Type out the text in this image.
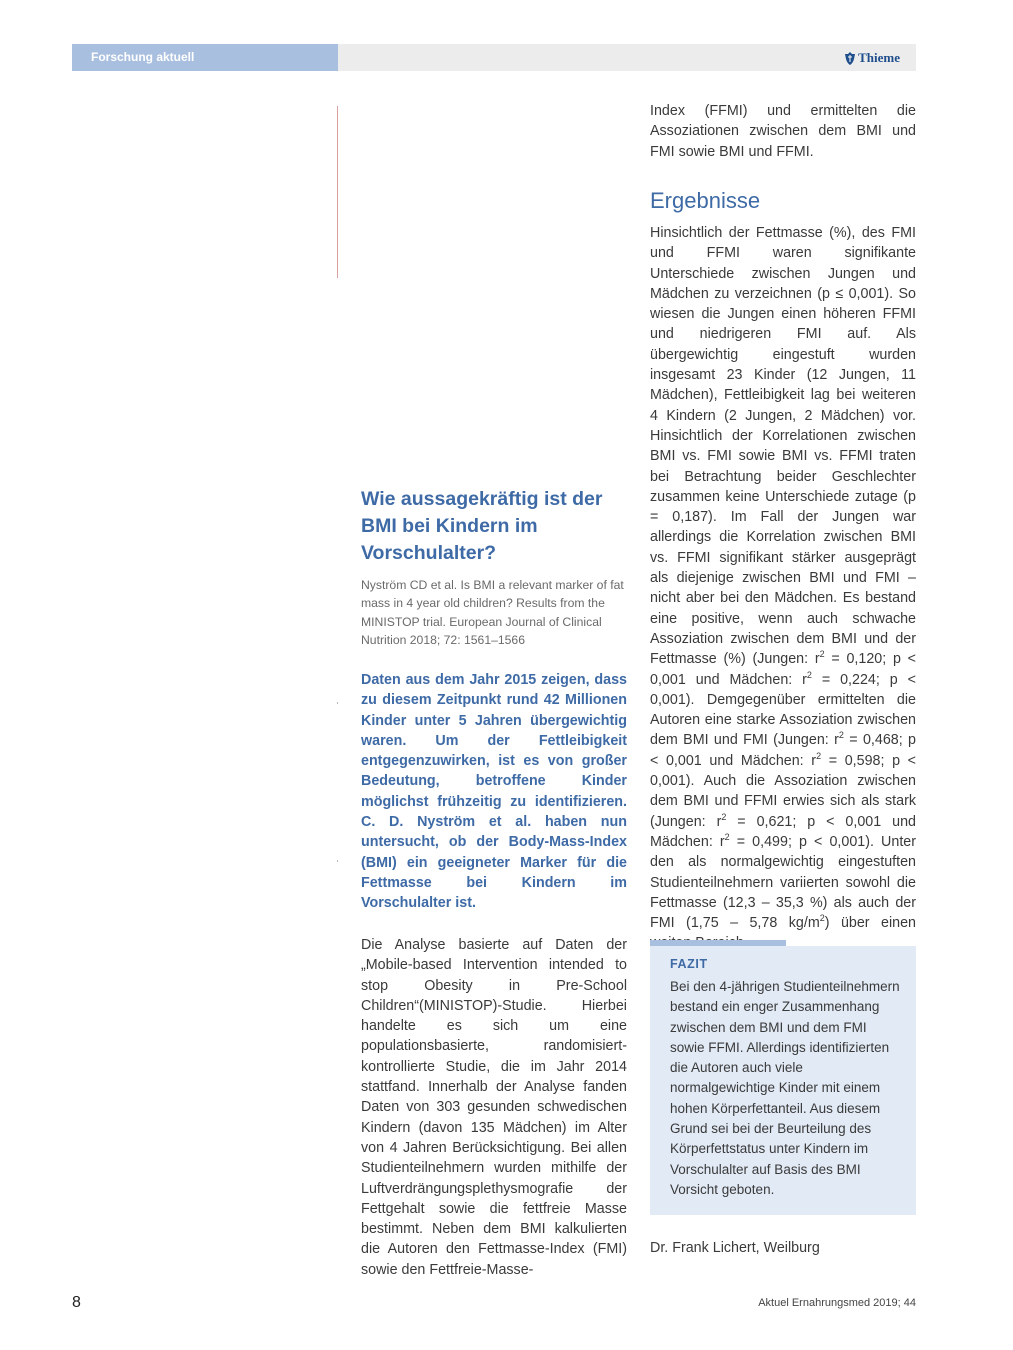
Forschung aktuell	Thieme
Wie aussagekräftig ist der BMI bei Kindern im Vorschulalter?
Nyström CD et al. Is BMI a relevant marker of fat mass in 4 year old children? Results from the MINISTOP trial. European Journal of Clinical Nutrition 2018; 72: 1561–1566
Daten aus dem Jahr 2015 zeigen, dass zu diesem Zeitpunkt rund 42 Millionen Kinder unter 5 Jahren übergewichtig waren. Um der Fettleibigkeit entgegenzuwirken, ist es von großer Bedeutung, betroffene Kinder möglichst frühzeitig zu identifizieren. C. D. Nyström et al. haben nun untersucht, ob der Body-Mass-Index (BMI) ein geeigneter Marker für die Fettmasse bei Kindern im Vorschulalter ist.
Die Analyse basierte auf Daten der „Mobile-based Intervention intended to stop Obesity in Pre-School Children“(MINISTOP)-Studie. Hierbei handelte es sich um eine populationsbasierte, randomisiert-kontrollierte Studie, die im Jahr 2014 stattfand. Innerhalb der Analyse fanden Daten von 303 gesunden schwedischen Kindern (davon 135 Mädchen) im Alter von 4 Jahren Berücksichtigung. Bei allen Studienteilnehmern wurden mithilfe der Luftverdrängungsplethysmografie der Fettgehalt sowie die fettfreie Masse bestimmt. Neben dem BMI kalkulierten die Autoren den Fettmasse-Index (FMI) sowie den Fettfreie-Masse-
Index (FFMI) und ermittelten die Assoziationen zwischen dem BMI und FMI sowie BMI und FFMI.
Ergebnisse
Hinsichtlich der Fettmasse (%), des FMI und FFMI waren signifikante Unterschiede zwischen Jungen und Mädchen zu verzeichnen (p ≤ 0,001). So wiesen die Jungen einen höheren FFMI und niedrigeren FMI auf. Als übergewichtig eingestuft wurden insgesamt 23 Kinder (12 Jungen, 11 Mädchen), Fettleibigkeit lag bei weiteren 4 Kindern (2 Jungen, 2 Mädchen) vor. Hinsichtlich der Korrelationen zwischen BMI vs. FMI sowie BMI vs. FFMI traten bei Betrachtung beider Geschlechter zusammen keine Unterschiede zutage (p = 0,187). Im Fall der Jungen war allerdings die Korrelation zwischen BMI vs. FFMI signifikant stärker ausgeprägt als diejenige zwischen BMI und FMI – nicht aber bei den Mädchen. Es bestand eine positive, wenn auch schwache Assoziation zwischen dem BMI und der Fettmasse (%) (Jungen: $r^2 = 0,120$; p < 0,001 und Mädchen: $r^2 = 0,224$; p < 0,001). Demgegenüber ermittelten die Autoren eine starke Assoziation zwischen dem BMI und FMI (Jungen: $r^2 = 0,468$; p < 0,001 und Mädchen: $r^2 = 0,598$; p < 0,001). Auch die Assoziation zwischen dem BMI und FFMI erwies sich als stark (Jungen: $r^2 = 0,621$; p < 0,001 und Mädchen: $r^2 = 0,499$; p < 0,001). Unter den als normalgewichtig eingestuften Studienteilnehmern variierten sowohl die Fettmasse (12,3 – 35,3 %) als auch der FMI (1,75 – 5,78 $kg/m^2$) über einen
FAZIT
Bei den 4-jährigen Studienteilnehmern bestand ein enger Zusammenhang zwischen dem BMI und dem FMI sowie FFMI. Allerdings identifizierten die Autoren auch viele normalgewichtige Kinder mit einem hohen Körperfettanteil. Aus diesem Grund sei bei der Beurteilung des Körperfettstatus unter Kindern im Vorschulalter auf Basis des BMI Vorsicht geboten.
Dr. Frank Lichert, Weilburg
8	Aktuel Ernahrungsmed 2019; 44
